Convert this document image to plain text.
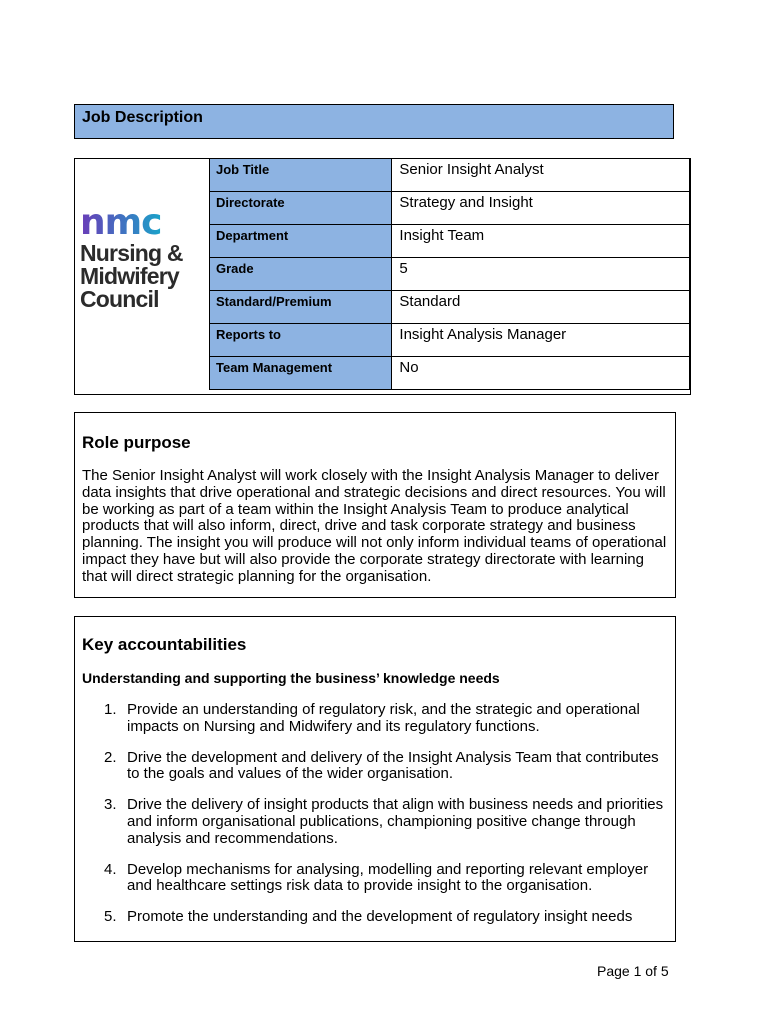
Job Description
nmc
Nursing &
Midwifery
Council
Job Title	Senior Insight Analyst
Directorate	Strategy and Insight
Department	Insight Team
Grade	5
Standard/Premium	Standard
Reports to	Insight Analysis Manager
Team Management	No
Role purpose

The Senior Insight Analyst will work closely with the Insight Analysis Manager to deliver data insights that drive operational and strategic decisions and direct resources. You will be working as part of a team within the Insight Analysis Team to produce analytical products that will also inform, direct, drive and task corporate strategy and business planning. The insight you will produce will not only inform individual teams of operational impact they have but will also provide the corporate strategy directorate with learning that will direct strategic planning for the organisation.

Key accountabilities
Understanding and supporting the business’ knowledge needs
1. Provide an understanding of regulatory risk, and the strategic and operational impacts on Nursing and Midwifery and its regulatory functions.
2. Drive the development and delivery of the Insight Analysis Team that contributes to the goals and values of the wider organisation.
3. Drive the delivery of insight products that align with business needs and priorities and inform organisational publications, championing positive change through analysis and recommendations.
4. Develop mechanisms for analysing, modelling and reporting relevant employer and healthcare settings risk data to provide insight to the organisation.
5. Promote the understanding and the development of regulatory insight needs
Page 1 of 5
